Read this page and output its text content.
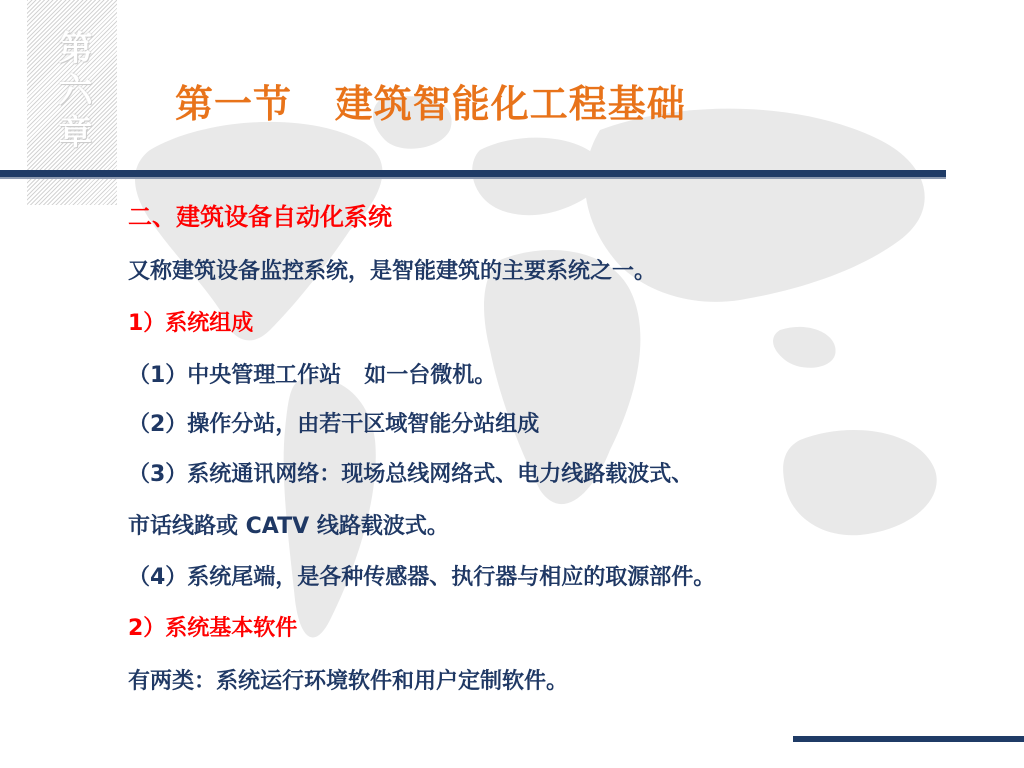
第六章 第一节   建筑智能化工程基础
二、建筑设备自动化系统
又称建筑设备监控系统，是智能建筑的主要系统之一。
1）系统组成
（1）中央管理工作站   如一台微机。
（2）操作分站，由若干区域智能分站组成
（3）系统通讯网络：现场总线网络式、电力线路载波式、
市话线路或 CATV 线路载波式。
（4）系统尾端，是各种传感器、执行器与相应的取源部件。
2）系统基本软件
有两类：系统运行环境软件和用户定制软件。
